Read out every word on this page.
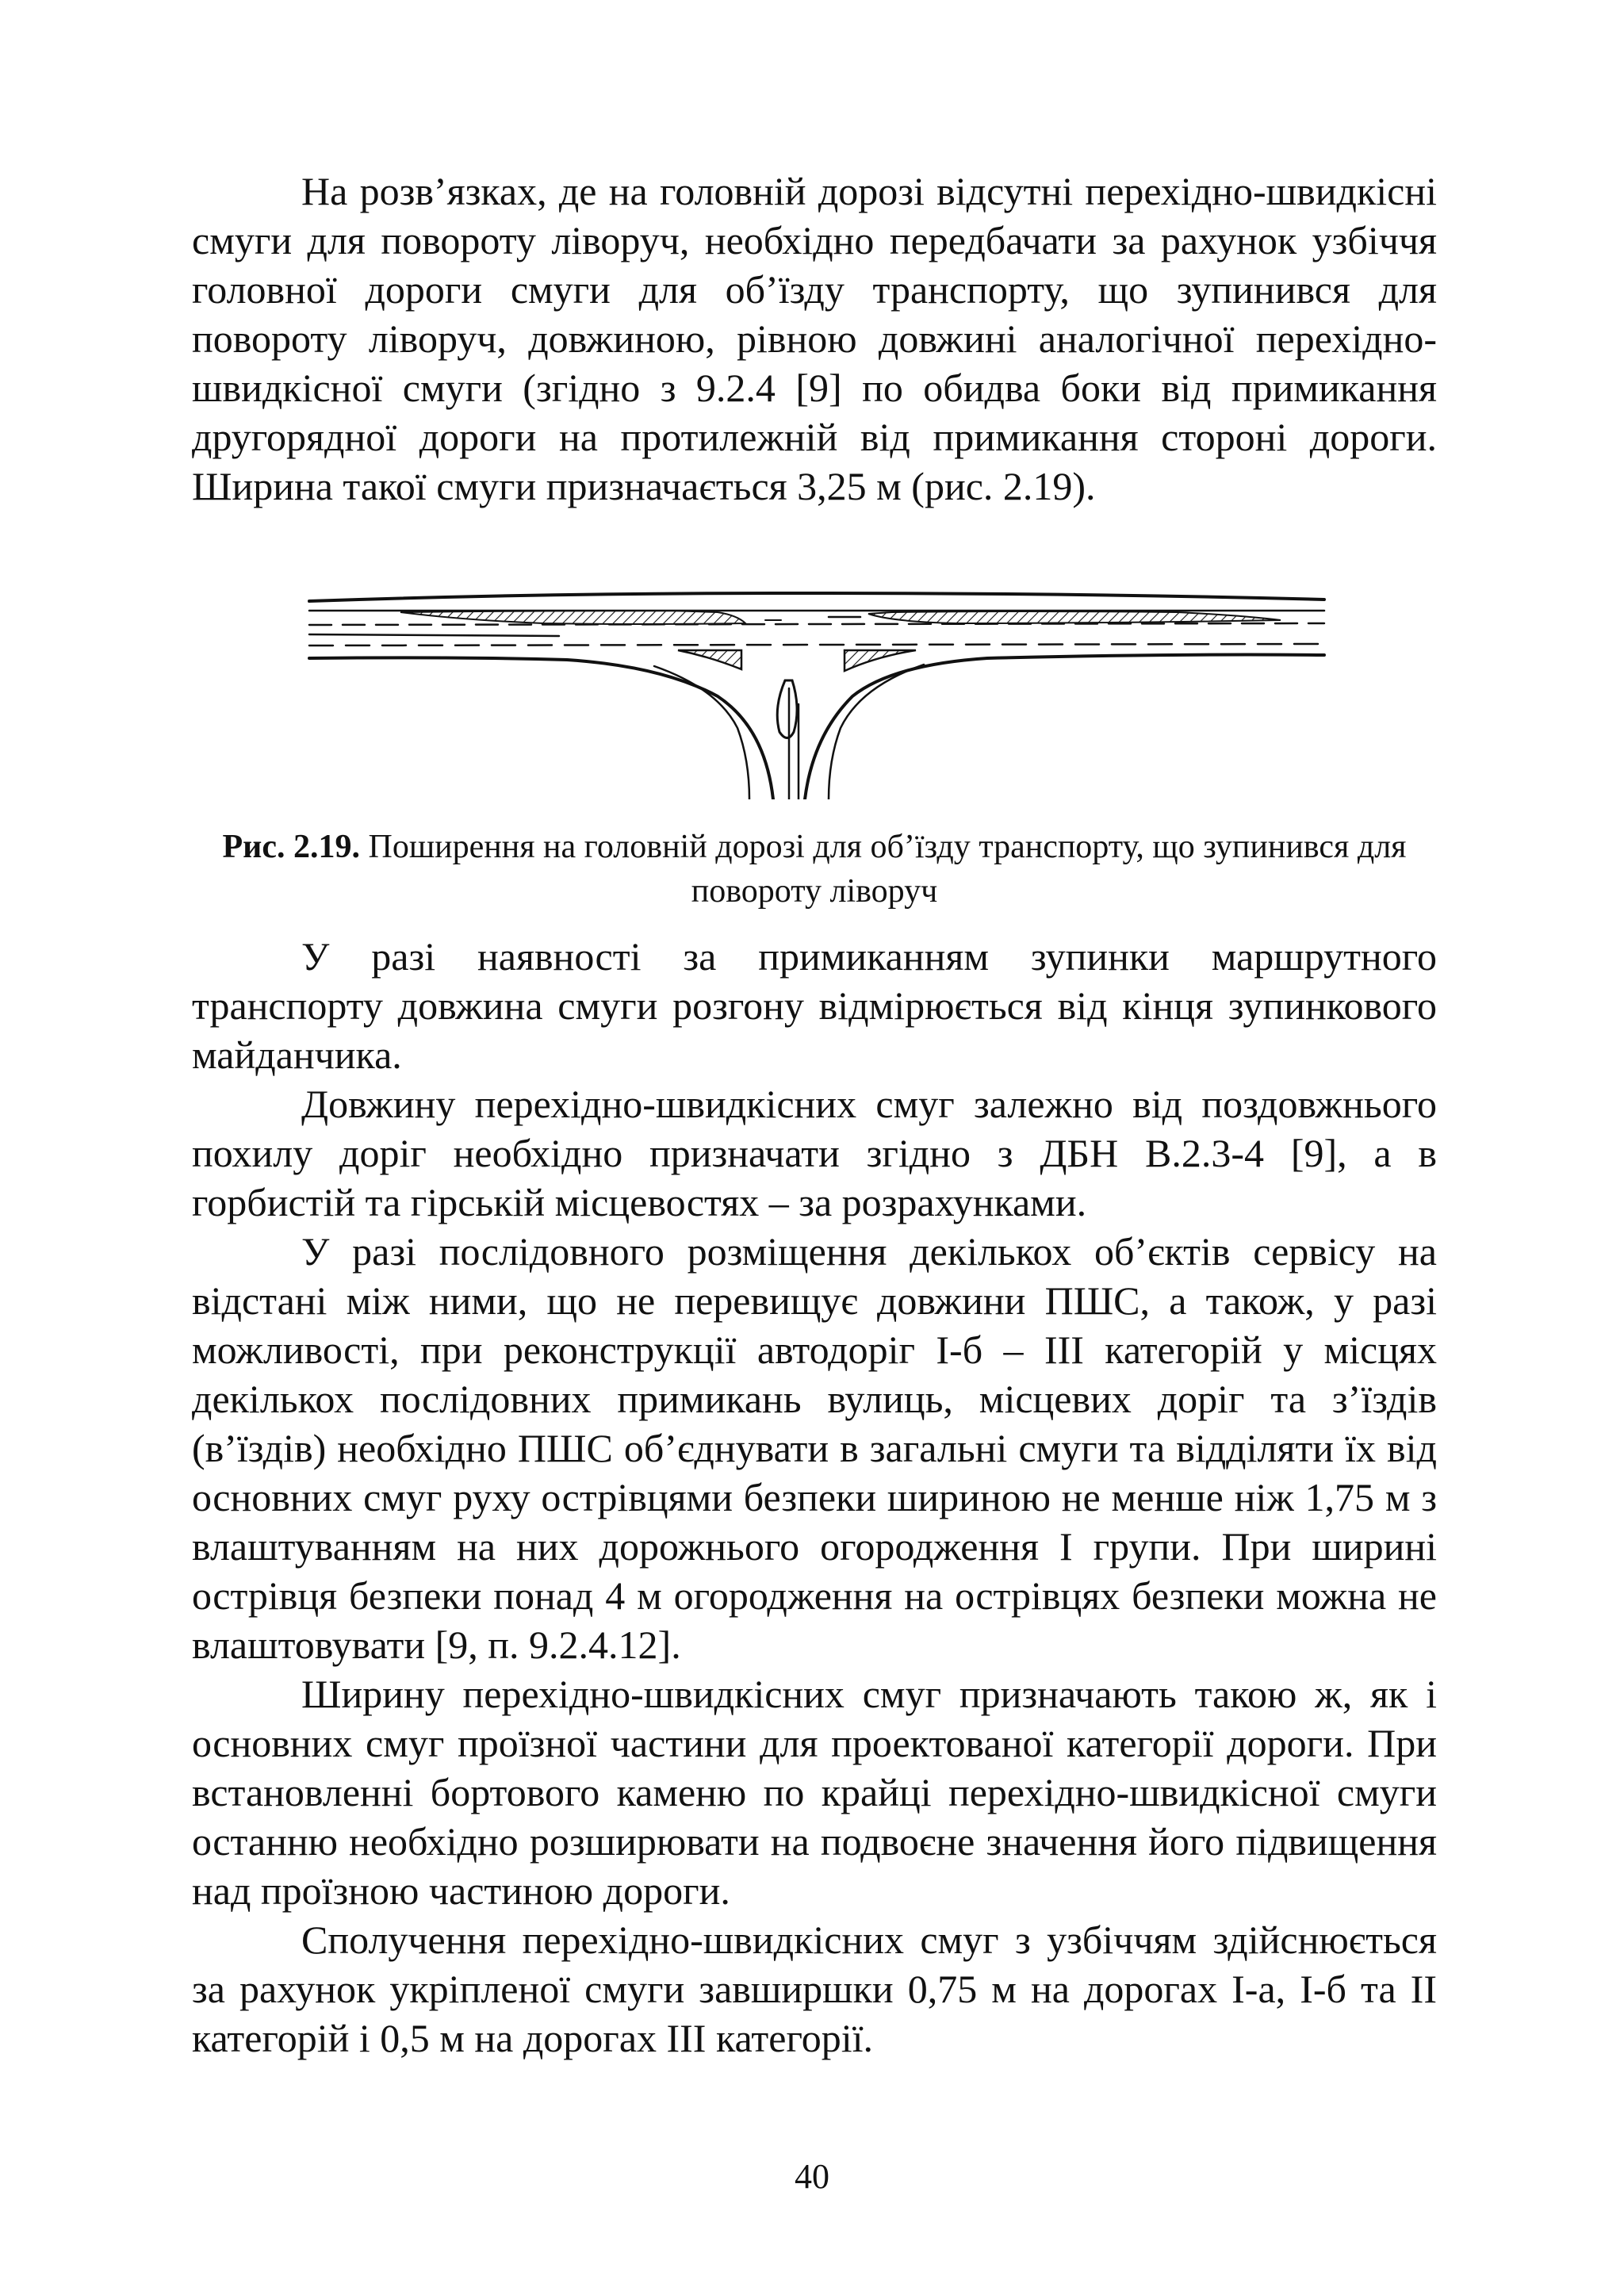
На розв’язках, де на головній дорозі відсутні перехідно-швидкісні смуги для повороту ліворуч, необхідно передбачати за рахунок узбіччя головної дороги смуги для об’їзду транспорту, що зупинився для повороту ліворуч, довжиною, рівною довжині аналогічної перехідно-швидкісної смуги (згідно з 9.2.4 [9] по обидва боки від примикання другорядної дороги на протилежній від примикання стороні дороги. Ширина такої смуги призначається 3,25 м (рис. 2.19).

Рис. 2.19. Поширення на головній дорозі для об’їзду транспорту, що зупинився для повороту ліворуч

У разі наявності за примиканням зупинки маршрутного транспорту довжина смуги розгону відмірюється від кінця зупинкового майданчика.

Довжину перехідно-швидкісних смуг залежно від поздовжнього похилу доріг необхідно призначати згідно з ДБН В.2.3-4 [9], а в горбистій та гірській місцевостях – за розрахунками.

У разі послідовного розміщення декількох об’єктів сервісу на відстані між ними, що не перевищує довжини ПШС, а також, у разі можливості, при реконструкції автодоріг І-б – ІІІ категорій у місцях декількох послідовних примикань вулиць, місцевих доріг та з’їздів (в’їздів) необхідно ПШС об’єднувати в загальні смуги та відділяти їх від основних смуг руху острівцями безпеки шириною не менше ніж 1,75 м з влаштуванням на них дорожнього огородження І групи. При ширині острівця безпеки понад 4 м огородження на острівцях безпеки можна не влаштовувати [9, п. 9.2.4.12].

Ширину перехідно-швидкісних смуг призначають такою ж, як і основних смуг проїзної частини для проектованої категорії дороги. При встановленні бортового каменю по крайці перехідно-швидкісної смуги останню необхідно розширювати на подвоєне значення його підвищення над проїзною частиною дороги.

Сполучення перехідно-швидкісних смуг з узбіччям здійснюється за рахунок укріпленої смуги завширшки 0,75 м на дорогах І-а, І-б та ІІ категорій і 0,5 м на дорогах ІІІ категорії.

40
